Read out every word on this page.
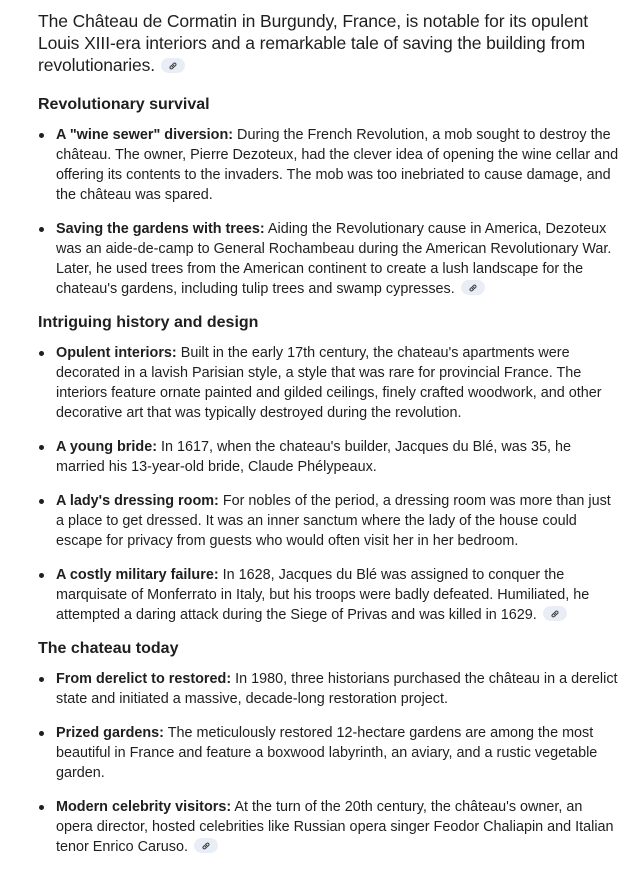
The Château de Cormatin in Burgundy, France, is notable for its opulent Louis XIII-era interiors and a remarkable tale of saving the building from revolutionaries.

Revolutionary survival
A "wine sewer" diversion: During the French Revolution, a mob sought to destroy the château. The owner, Pierre Dezoteux, had the clever idea of opening the wine cellar and offering its contents to the invaders. The mob was too inebriated to cause damage, and the château was spared.
Saving the gardens with trees: Aiding the Revolutionary cause in America, Dezoteux was an aide-de-camp to General Rochambeau during the American Revolutionary War. Later, he used trees from the American continent to create a lush landscape for the chateau's gardens, including tulip trees and swamp cypresses.
Intriguing history and design
Opulent interiors: Built in the early 17th century, the chateau's apartments were decorated in a lavish Parisian style, a style that was rare for provincial France. The interiors feature ornate painted and gilded ceilings, finely crafted woodwork, and other decorative art that was typically destroyed during the revolution.
A young bride: In 1617, when the chateau's builder, Jacques du Blé, was 35, he married his 13-year-old bride, Claude Phélypeaux.
A lady's dressing room: For nobles of the period, a dressing room was more than just a place to get dressed. It was an inner sanctum where the lady of the house could escape for privacy from guests who would often visit her in her bedroom.
A costly military failure: In 1628, Jacques du Blé was assigned to conquer the marquisate of Monferrato in Italy, but his troops were badly defeated. Humiliated, he attempted a daring attack during the Siege of Privas and was killed in 1629.
The chateau today
From derelict to restored: In 1980, three historians purchased the château in a derelict state and initiated a massive, decade-long restoration project.
Prized gardens: The meticulously restored 12-hectare gardens are among the most beautiful in France and feature a boxwood labyrinth, an aviary, and a rustic vegetable garden.
Modern celebrity visitors: At the turn of the 20th century, the château's owner, an opera director, hosted celebrities like Russian opera singer Feodor Chaliapin and Italian tenor Enrico Caruso.
